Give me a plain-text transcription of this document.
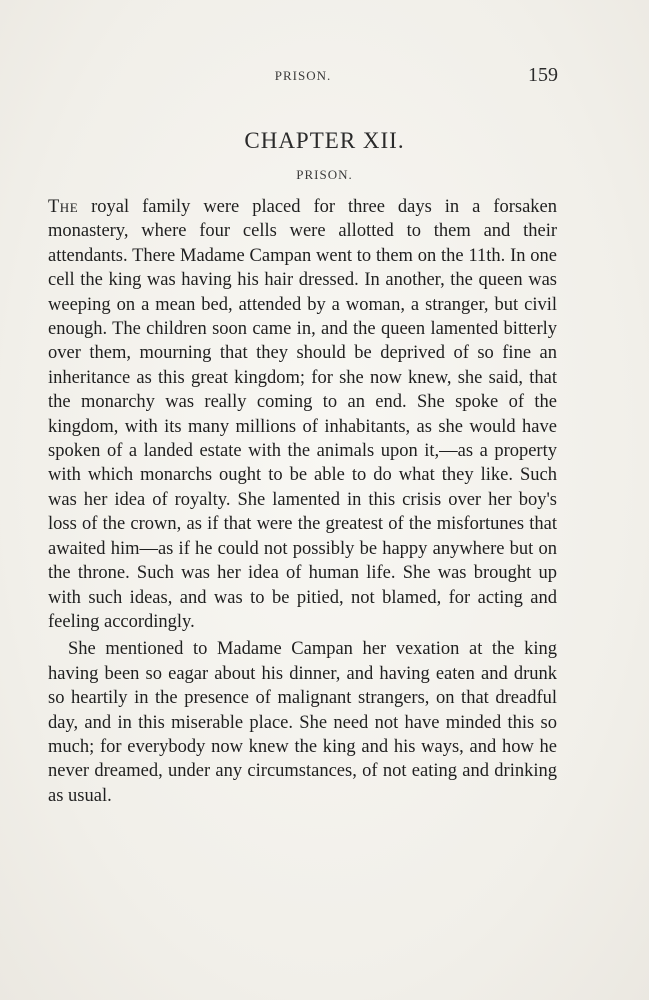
PRISON.	159
CHAPTER XII.
PRISON.

The royal family were placed for three days in a forsaken monastery, where four cells were allotted to them and their attendants. There Madame Campan went to them on the 11th. In one cell the king was having his hair dressed. In another, the queen was weeping on a mean bed, attended by a woman, a stranger, but civil enough. The children soon came in, and the queen lamented bitterly over them, mourning that they should be deprived of so fine an inheritance as this great kingdom; for she now knew, she said, that the monarchy was really coming to an end. She spoke of the kingdom, with its many millions of inhabitants, as she would have spoken of a landed estate with the animals upon it,—as a property with which monarchs ought to be able to do what they like. Such was her idea of royalty. She lamented in this crisis over her boy's loss of the crown, as if that were the greatest of the misfortunes that awaited him—as if he could not possibly be happy anywhere but on the throne. Such was her idea of human life. She was brought up with such ideas, and was to be pitied, not blamed, for acting and feeling accordingly.

She mentioned to Madame Campan her vexation at the king having been so eagar about his dinner, and having eaten and drunk so heartily in the presence of malignant strangers, on that dreadful day, and in this miserable place. She need not have minded this so much; for everybody now knew the king and his ways, and how he never dreamed, under any circumstances, of not eating and drinking as usual.
